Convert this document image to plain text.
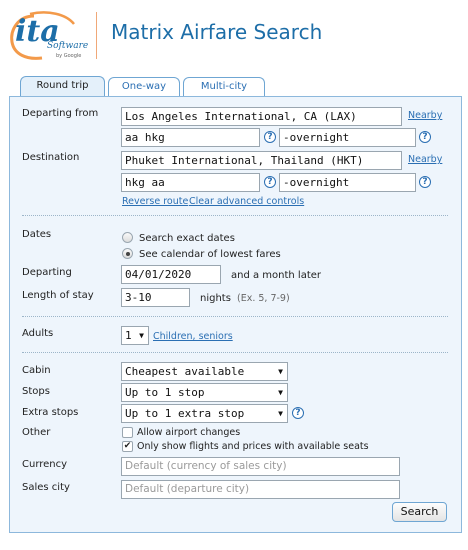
ita
Software
by Google
Matrix Airfare Search
Round trip	One-way	Multi-city
Departing from	Los Angeles International, CA (LAX)	Nearby
aa hkg	? -overnight	?
Destination	Phuket International, Thailand (HKT)	Nearby
hkg aa	? -overnight	?
Reverse route Clear advanced controls
Dates	Search exact dates
See calendar of lowest fares
Departing	04/01/2020	and a month later
Length of stay	3-10	nights (Ex. 5, 7-9)
Adults	1 ▼ Children, seniors
Cabin	Cheapest available	▼
Stops	Up to 1 stop	▼
Extra stops	Up to 1 extra stop	▼	?
Other	Allow airport changes
✔ Only show flights and prices with available seats
Currency	Default (currency of sales city)
Sales city	Default (departure city)
Search
